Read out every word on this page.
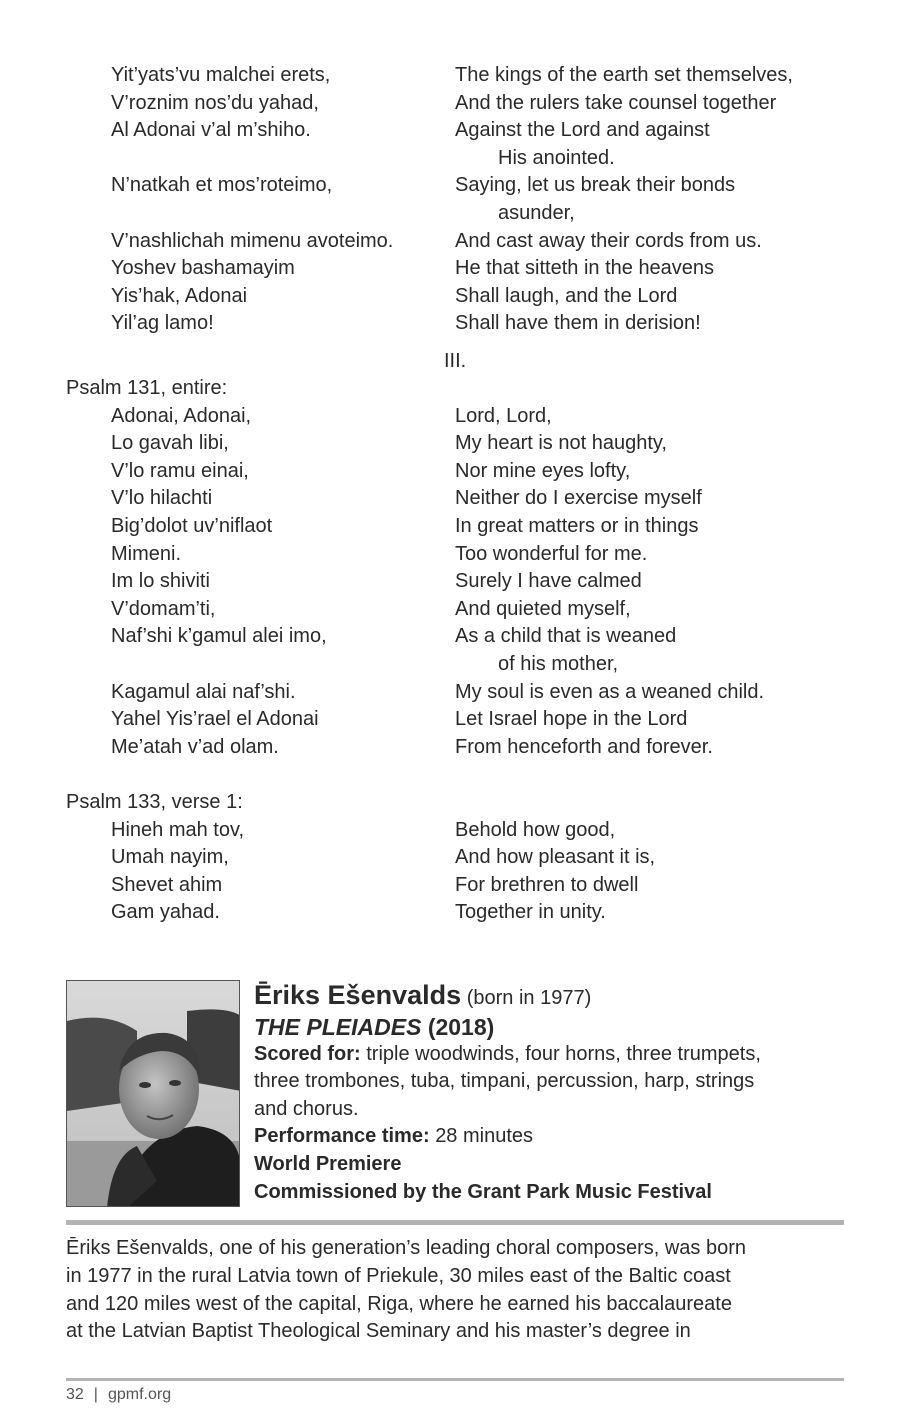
Yit’yats’vu malchei erets,	The kings of the earth set themselves,
V’roznim nos’du yahad,	And the rulers take counsel together
Al Adonai v’al m’shiho.	Against the Lord and against
His anointed.
N’natkah et mos’roteimo,	Saying, let us break their bonds
asunder,
V’nashlichah mimenu avoteimo.	And cast away their cords from us.
Yoshev bashamayim	He that sitteth in the heavens
Yis’hak, Adonai	Shall laugh, and the Lord
Yil’ag lamo!	Shall have them in derision!
III.
Psalm 131, entire:
Adonai, Adonai,	Lord, Lord,
Lo gavah libi,	My heart is not haughty,
V’lo ramu einai,	Nor mine eyes lofty,
V’lo hilachti	Neither do I exercise myself
Big’dolot uv’niflaot	In great matters or in things
Mimeni.	Too wonderful for me.
Im lo shiviti	Surely I have calmed
V’domam’ti,	And quieted myself,
Naf’shi k’gamul alei imo,	As a child that is weaned
of his mother,
Kagamul alai naf’shi.	My soul is even as a weaned child.
Yahel Yis’rael el Adonai	Let Israel hope in the Lord
Me’atah v’ad olam.	From henceforth and forever.
Psalm 133, verse 1:
Hineh mah tov,	Behold how good,
Umah nayim,	And how pleasant it is,
Shevet ahim	For brethren to dwell
Gam yahad.	Together in unity.
Ēriks Ešenvalds (born in 1977)
THE PLEIADES (2018)
Scored for: triple woodwinds, four horns, three trumpets,
three trombones, tuba, timpani, percussion, harp, strings
and chorus.
Performance time: 28 minutes
World Premiere
Commissioned by the Grant Park Music Festival
Ēriks Ešenvalds, one of his generation’s leading choral composers, was born
in 1977 in the rural Latvia town of Priekule, 30 miles east of the Baltic coast
and 120 miles west of the capital, Riga, where he earned his baccalaureate
at the Latvian Baptist Theological Seminary and his master’s degree in
32 | gpmf.org
